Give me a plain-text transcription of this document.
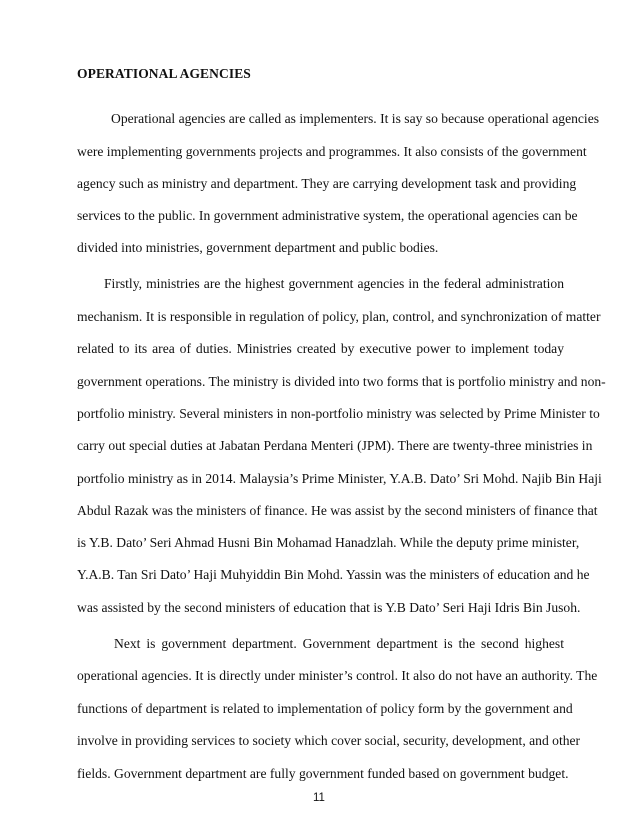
OPERATIONAL AGENCIES
Operational agencies are called as implementers. It is say so because operational agencies
were implementing governments projects and programmes. It also consists of the government
agency such as ministry and department. They are carrying development task and providing
services to the public. In government administrative system, the operational agencies can be
divided into ministries, government department and public bodies.
Firstly, ministries are the highest government agencies in the federal administration
mechanism. It is responsible in regulation of policy, plan, control, and synchronization of matter
related to its area of duties. Ministries created by executive power to implement today
government operations. The ministry is divided into two forms that is portfolio ministry and non-
portfolio ministry. Several ministers in non-portfolio ministry was selected by Prime Minister to
carry out special duties at Jabatan Perdana Menteri (JPM). There are twenty-three ministries in
portfolio ministry as in 2014. Malaysia’s Prime Minister, Y.A.B. Dato’ Sri Mohd. Najib Bin Haji
Abdul Razak was the ministers of finance. He was assist by the second ministers of finance that
is Y.B. Dato’ Seri Ahmad Husni Bin Mohamad Hanadzlah. While the deputy prime minister,
Y.A.B. Tan Sri Dato’ Haji Muhyiddin Bin Mohd. Yassin was the ministers of education and he
was assisted by the second ministers of education that is Y.B Dato’ Seri Haji Idris Bin Jusoh.
Next is government department. Government department is the second highest
operational agencies. It is directly under minister’s control. It also do not have an authority. The
functions of department is related to implementation of policy form by the government and
involve in providing services to society which cover social, security, development, and other
fields. Government department are fully government funded based on government budget.
11
